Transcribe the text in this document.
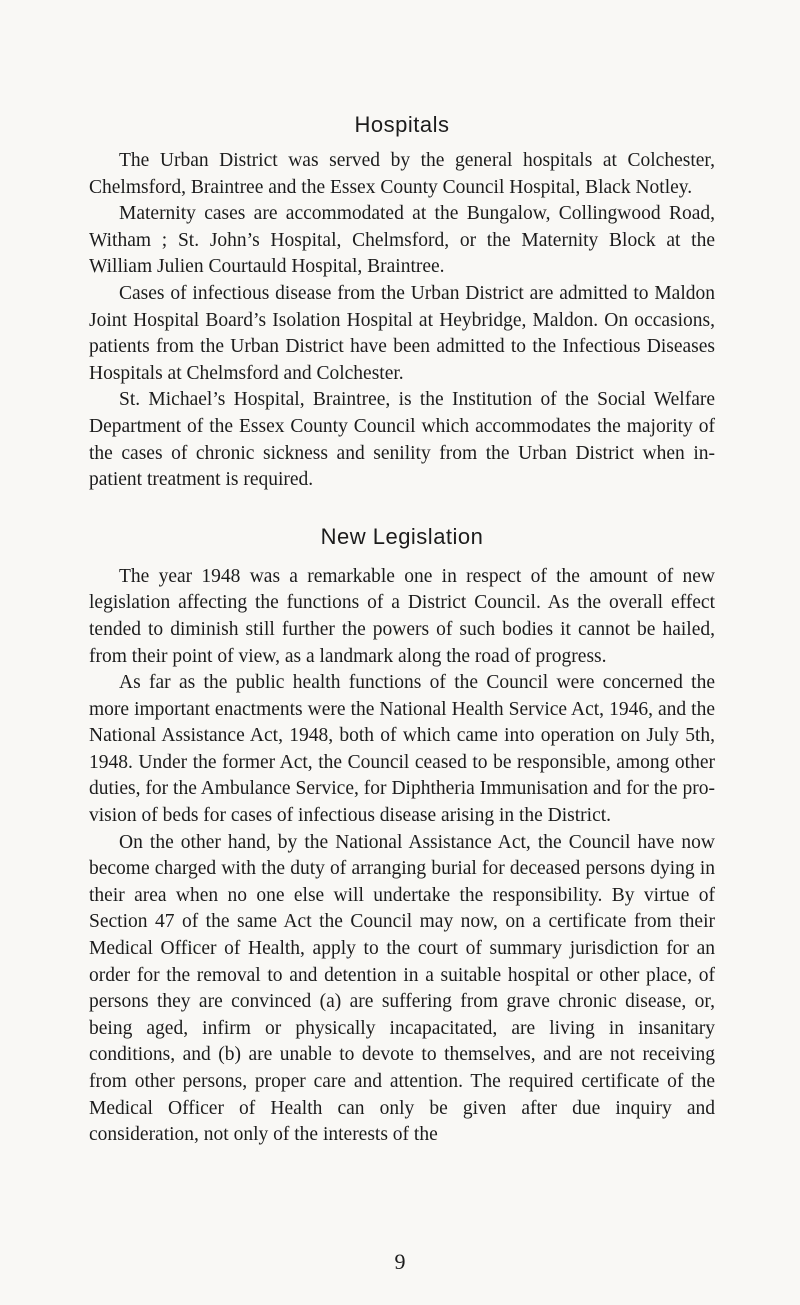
Hospitals

The Urban District was served by the general hospitals at Colchester, Chelmsford, Braintree and the Essex County Council Hospital, Black Notley.

Maternity cases are accommodated at the Bungalow, Collingwood Road, Witham ; St. John’s Hospital, Chelmsford, or the Maternity Block at the William Julien Courtauld Hospital, Braintree.

Cases of infectious disease from the Urban District are admitted to Maldon Joint Hospital Board’s Isolation Hospital at Heybridge, Maldon. On occasions, patients from the Urban District have been admitted to the Infectious Diseases Hospitals at Chelmsford and Colchester.

St. Michael’s Hospital, Braintree, is the Institution of the Social Welfare Department of the Essex County Council which accommodates the majority of the cases of chronic sickness and senility from the Urban District when in-patient treatment is required.

New Legislation

The year 1948 was a remarkable one in respect of the amount of new legislation affecting the functions of a District Council. As the overall effect tended to diminish still further the powers of such bodies it cannot be hailed, from their point of view, as a landmark along the road of progress.

As far as the public health functions of the Council were concerned the more important enactments were the National Health Service Act, 1946, and the National Assistance Act, 1948, both of which came into operation on July 5th, 1948. Under the former Act, the Council ceased to be responsible, among other duties, for the Ambulance Service, for Diphtheria Immunisation and for the provision of beds for cases of infectious disease arising in the District.

On the other hand, by the National Assistance Act, the Council have now become charged with the duty of arranging burial for deceased persons dying in their area when no one else will undertake the responsibility. By virtue of Section 47 of the same Act the Council may now, on a certificate from their Medical Officer of Health, apply to the court of summary jurisdiction for an order for the removal to and detention in a suitable hospital or other place, of persons they are convinced (a) are suffering from grave chronic disease, or, being aged, infirm or physically incapacitated, are living in insanitary conditions, and (b) are unable to devote to themselves, and are not receiving from other persons, proper care and attention. The required certificate of the Medical Officer of Health can only be given after due inquiry and consideration, not only of the interests of the

9
